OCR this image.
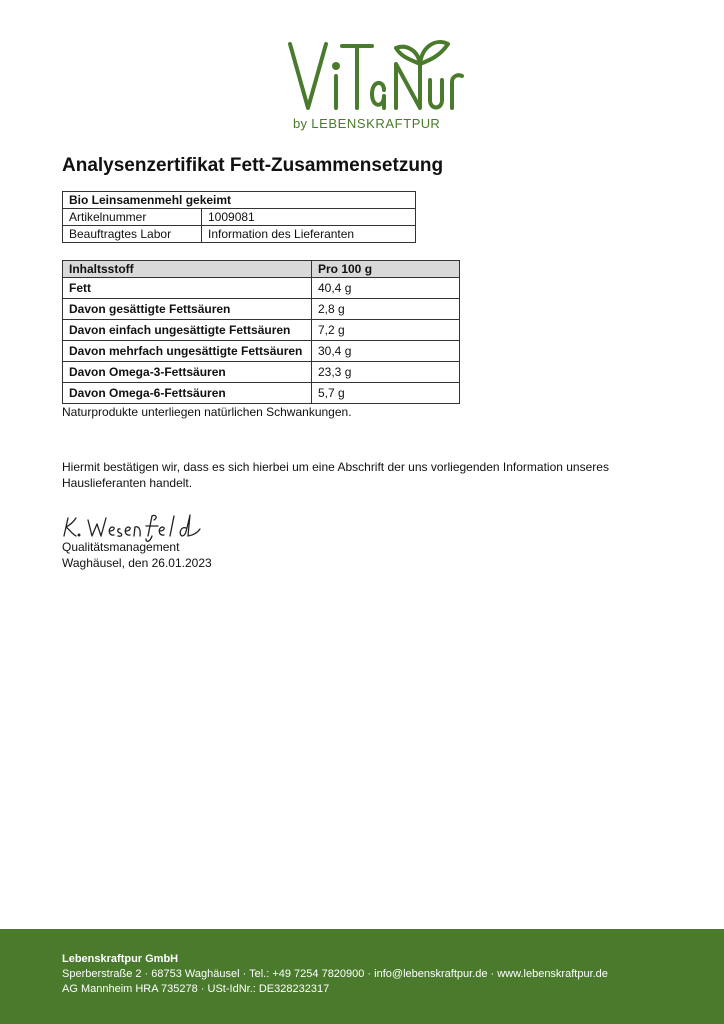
by LEBENSKRAFTPUR
Analysenzertifikat Fett-Zusammensetzung
Bio Leinsamenmehl gekeimt	
Artikelnummer	1009081
Beauftragtes Labor	Information des Lieferanten
Inhaltsstoff	Pro 100 g
Fett	40,4 g
Davon gesättigte Fettsäuren	2,8 g
Davon einfach ungesättigte Fettsäuren	7,2 g
Davon mehrfach ungesättigte Fettsäuren	30,4 g
Davon Omega-3-Fettsäuren	23,3 g
Davon Omega-6-Fettsäuren	5,7 g
Naturprodukte unterliegen natürlichen Schwankungen.
Hiermit bestätigen wir, dass es sich hierbei um eine Abschrift der uns vorliegenden Information unseres Hauslieferanten handelt.
Qualitätsmanagement
Waghäusel, den 26.01.2023
Lebenskraftpur GmbH
Sperberstraße 2 · 68753 Waghäusel · Tel.: +49 7254 7820900 · info@lebenskraftpur.de · www.lebenskraftpur.de
AG Mannheim HRA 735278 · USt-IdNr.: DE328232317
